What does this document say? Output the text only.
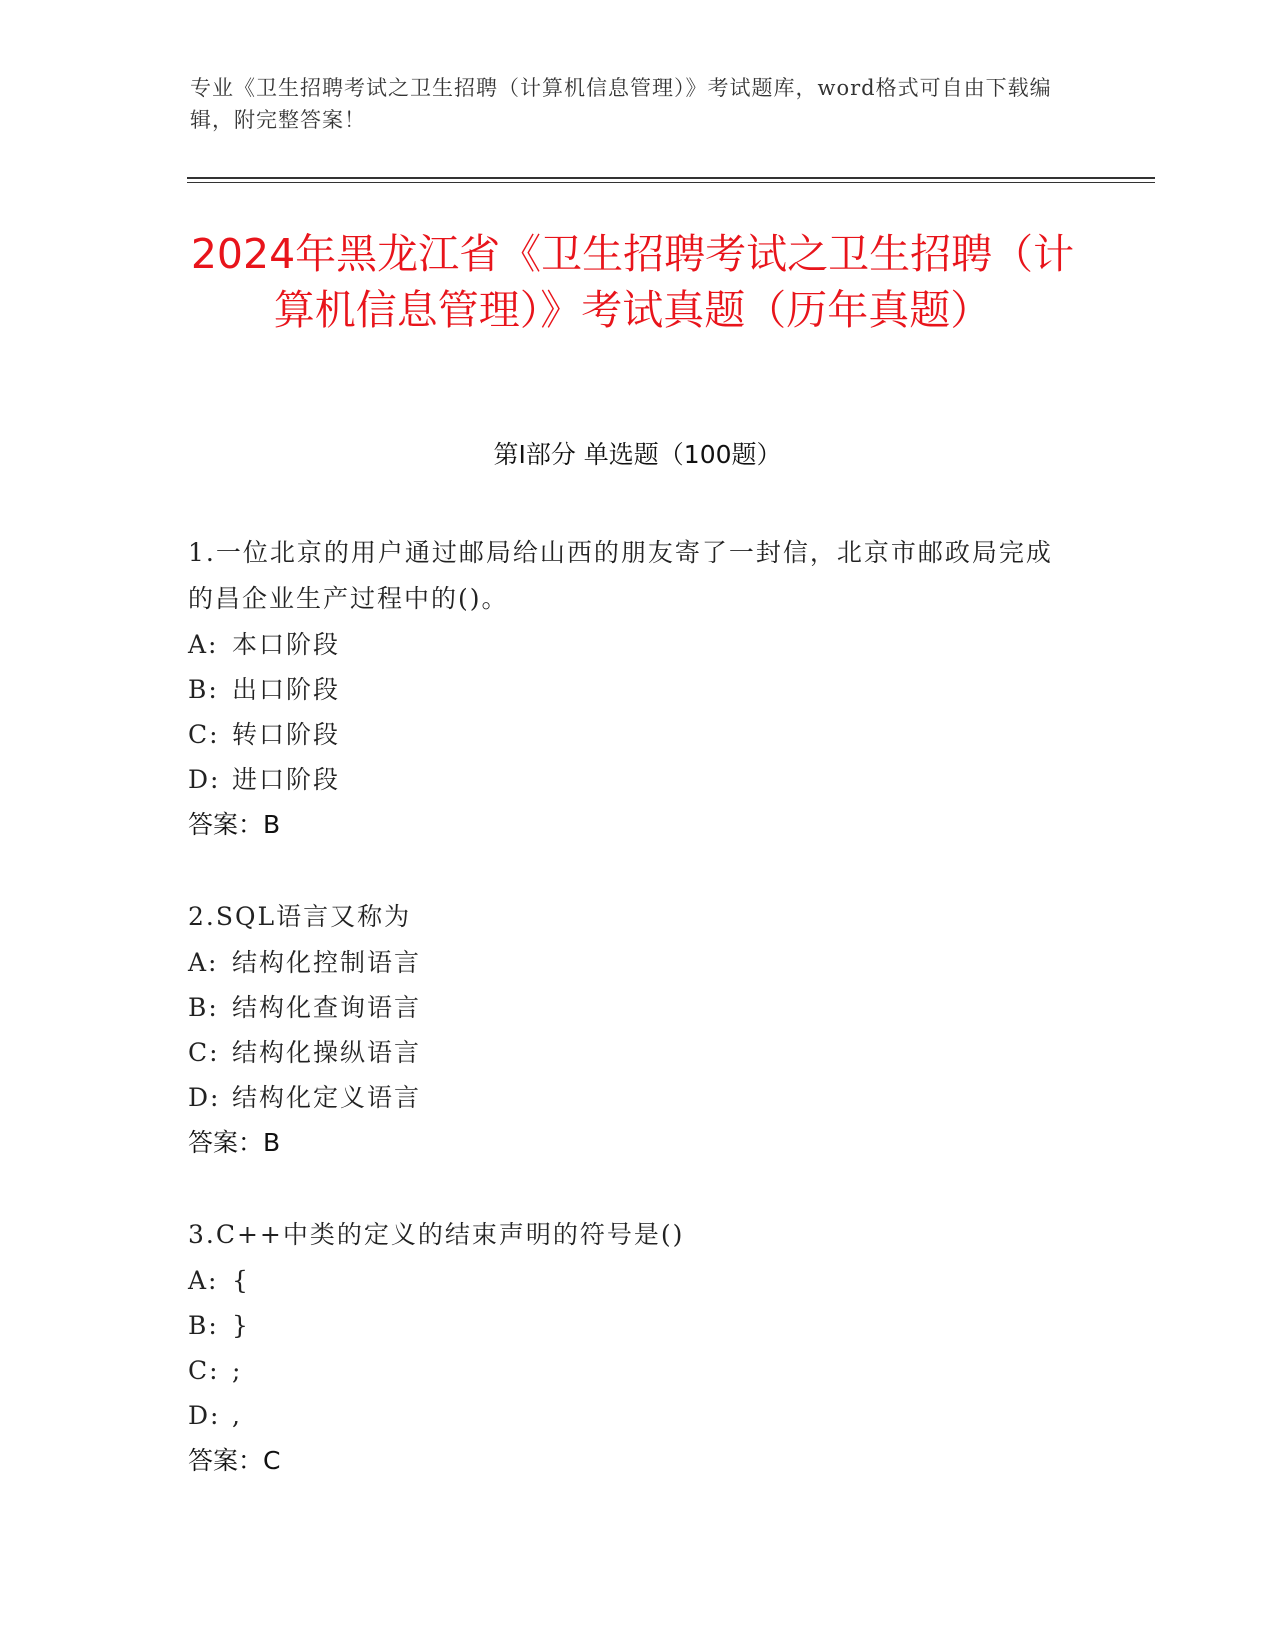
专业《卫生招聘考试之卫生招聘（计算机信息管理）》考试题库，word格式可自由下载编辑，附完整答案！
2024年黑龙江省《卫生招聘考试之卫生招聘（计算机信息管理）》考试真题（历年真题）
第I部分 单选题（100题）
1.一位北京的用户通过邮局给山西的朋友寄了一封信，北京市邮政局完成的昌企业生产过程中的()。
A: 本口阶段
B: 出口阶段
C: 转口阶段
D: 进口阶段
答案：B
2.SQL语言又称为
A: 结构化控制语言
B: 结构化查询语言
C: 结构化操纵语言
D: 结构化定义语言
答案：B
3.C++中类的定义的结束声明的符号是()
A: {
B: }
C: ;
D: ,
答案：C
